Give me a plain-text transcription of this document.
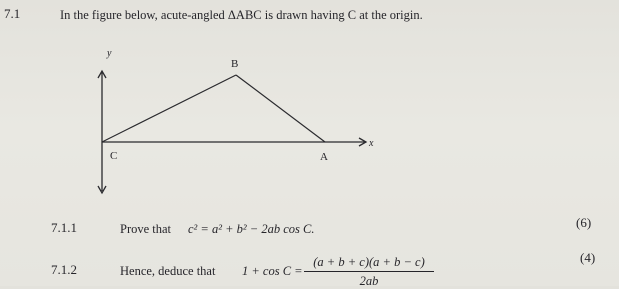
7.1	In the figure below, acute-angled ΔABC is drawn having C at the origin.
y
x
B
C	A
7.1.1	Prove that c² = a² + b² − 2ab cos C.	(6)
7.1.2	Hence, deduce that $1 + \cos C = \frac{(a + b + c)(a + b - c)}{2ab}$	(4)
